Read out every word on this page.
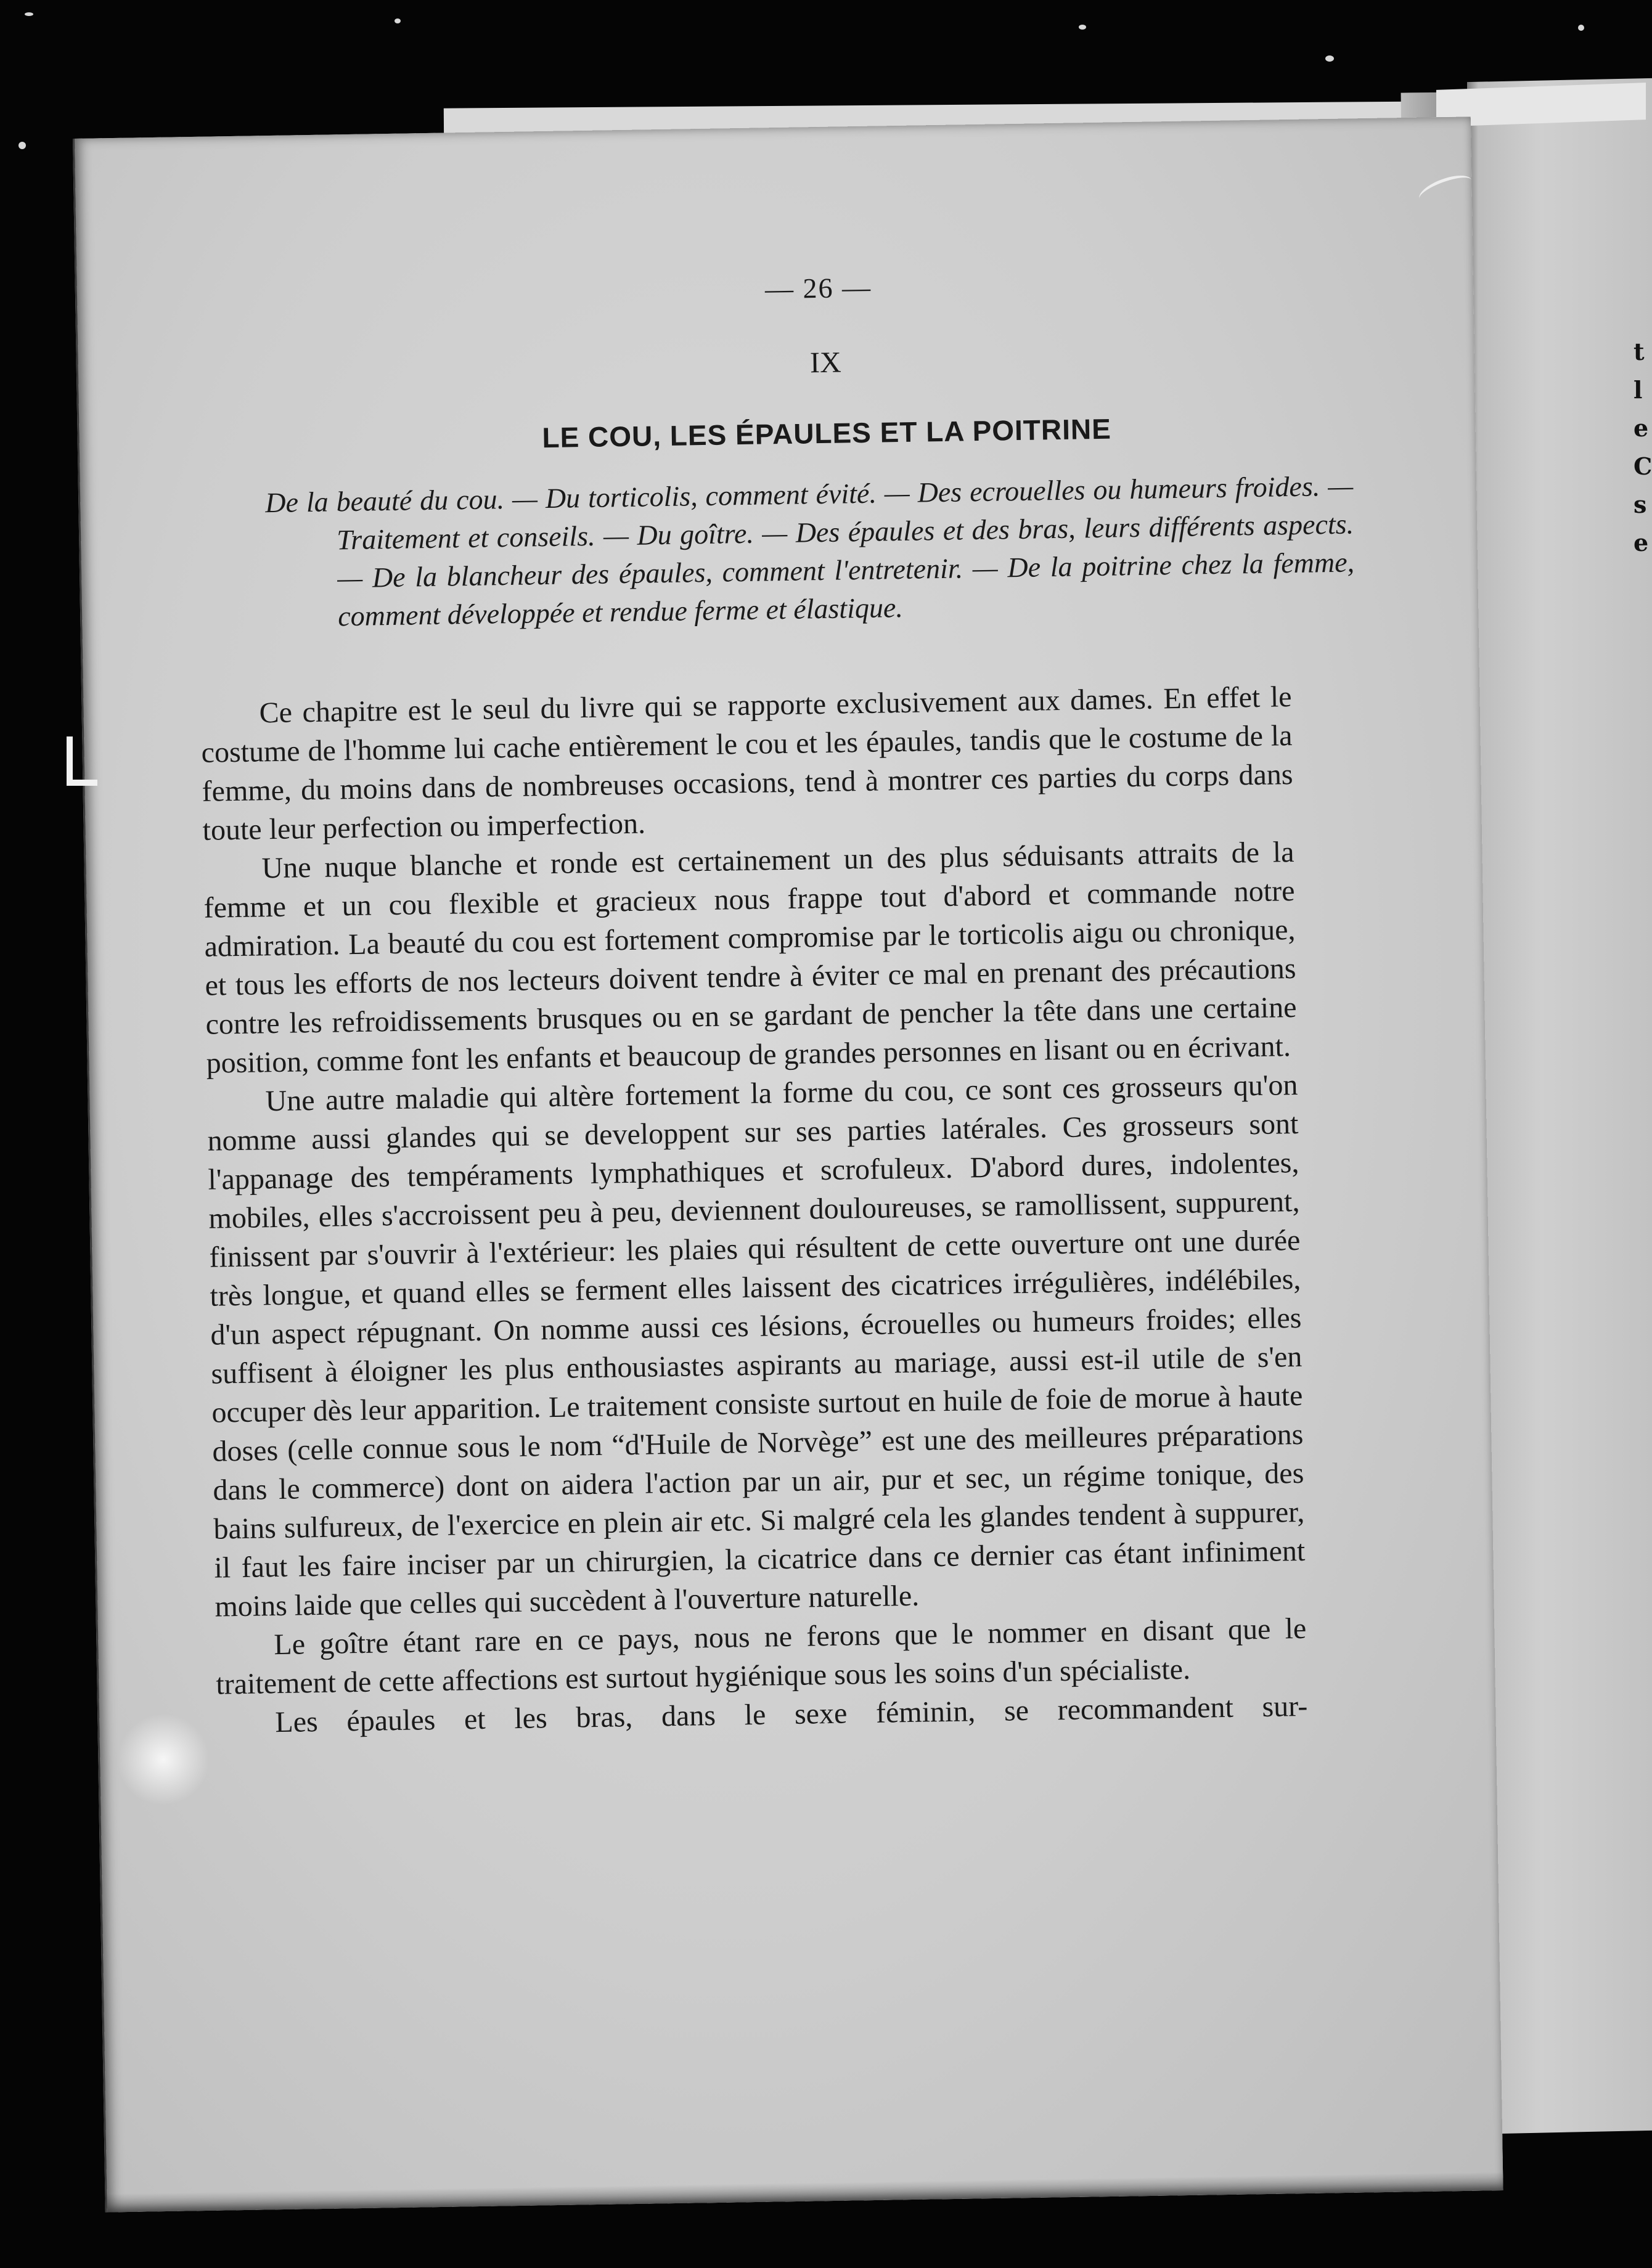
t
l
e
C
s
e
— 26 —
IX
LE COU, LES ÉPAULES ET LA POITRINE
De la beauté du cou. — Du torticolis, comment évité. — Des ecrouelles ou humeurs froides. — Traitement et conseils. — Du goître. — Des épaules et des bras, leurs différents aspects. — De la blancheur des épaules, comment l'entretenir. — De la poitrine chez la femme, comment développée et rendue ferme et élastique.

Ce chapitre est le seul du livre qui se rapporte exclusivement aux dames. En effet le costume de l'homme lui cache entièrement le cou et les épaules, tandis que le costume de la femme, du moins dans de nombreuses occasions, tend à montrer ces parties du corps dans toute leur perfection ou imperfection.

Une nuque blanche et ronde est certainement un des plus séduisants attraits de la femme et un cou flexible et gracieux nous frappe tout d'abord et commande notre admiration. La beauté du cou est fortement compromise par le torticolis aigu ou chronique, et tous les efforts de nos lecteurs doivent tendre à éviter ce mal en prenant des précautions contre les refroidissements brusques ou en se gardant de pencher la tête dans une certaine position, comme font les enfants et beaucoup de grandes personnes en lisant ou en écrivant.

Une autre maladie qui altère fortement la forme du cou, ce sont ces grosseurs qu'on nomme aussi glandes qui se developpent sur ses parties latérales. Ces grosseurs sont l'appanage des tempéraments lymphathiques et scrofuleux. D'abord dures, indolentes, mobiles, elles s'accroissent peu à peu, deviennent douloureuses, se ramollissent, suppurent, finissent par s'ouvrir à l'extérieur: les plaies qui résultent de cette ouverture ont une durée très longue, et quand elles se ferment elles laissent des cicatrices irrégulières, indélébiles, d'un aspect répugnant. On nomme aussi ces lésions, écrouelles ou humeurs froides; elles suffisent à éloigner les plus enthousiastes aspirants au mariage, aussi est-il utile de s'en occuper dès leur apparition. Le traitement consiste surtout en huile de foie de morue à haute doses (celle connue sous le nom “d'Huile de Norvège” est une des meilleures préparations dans le commerce) dont on aidera l'action par un air, pur et sec, un régime tonique, des bains sulfureux, de l'exercice en plein air etc. Si malgré cela les glandes tendent à suppurer, il faut les faire inciser par un chirurgien, la cicatrice dans ce dernier cas étant infiniment moins laide que celles qui succèdent à l'ouverture naturelle.

Le goître étant rare en ce pays, nous ne ferons que le nommer en disant que le traitement de cette affections est surtout hygiénique sous les soins d'un spécialiste.

Les épaules et les bras, dans le sexe féminin, se recommandent sur-
